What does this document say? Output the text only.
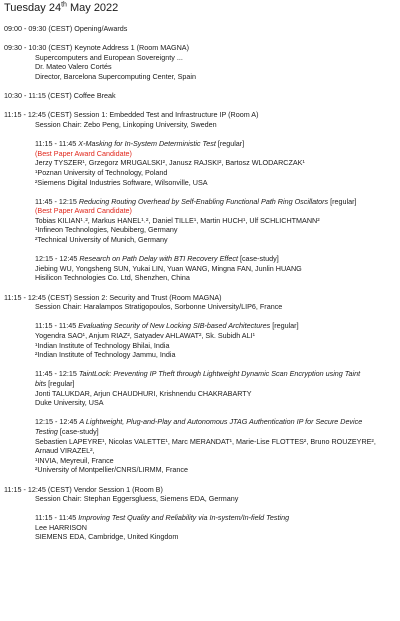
Tuesday 24th May 2022
09:00 - 09:30 (CEST) Opening/Awards
09:30 - 10:30 (CEST) Keynote Address 1 (Room MAGNA)
Supercomputers and European Sovereignty ...
Dr. Mateo Valero Cortés
Director, Barcelona Supercomputing Center, Spain
10:30 - 11:15 (CEST) Coffee Break
11:15 - 12:45 (CEST) Session 1: Embedded Test and Infrastructure IP (Room A)
Session Chair: Zebo Peng, Linkoping University, Sweden
11:15 - 11:45 X-Masking for In-System Deterministic Test [regular]
(Best Paper Award Candidate)
Jerzy TYSZER¹, Grzegorz MRUGALSKI², Janusz RAJSKI², Bartosz WLODARCZAK¹
¹Poznan University of Technology, Poland
²Siemens Digital Industries Software, Wilsonville, USA
11:45 - 12:15 Reducing Routing Overhead by Self-Enabling Functional Path Ring Oscillators [regular]
(Best Paper Award Candidate)
Tobias KILIAN¹˒², Markus HANEL¹˒², Daniel TILLE¹, Martin HUCH¹, Ulf SCHLICHTMANN²
¹Infineon Technologies, Neubiberg, Germany
²Technical University of Munich, Germany
12:15 - 12:45 Research on Path Delay with BTI Recovery Effect [case-study]
Jiebing WU, Yongsheng SUN, Yukai LIN, Yuan WANG, Mingna FAN, Junlin HUANG
Hisilicon Technologies Co. Ltd, Shenzhen, China
11:15 - 12:45 (CEST) Session 2: Security and Trust (Room MAGNA)
Session Chair: Haralampos Stratigopoulos, Sorbonne University/LIP6, France
11:15 - 11:45 Evaluating Security of New Locking SIB-based Architectures [regular]
Yogendra SAO¹, Anjum RIAZ², Satyadev AHLAWAT², Sk. Subidh ALI¹
¹Indian Institute of Technology Bhilai, India
²Indian Institute of Technology Jammu, India
11:45 - 12:15 TaintLock: Preventing IP Theft through Lightweight Dynamic Scan Encryption using Taint
bits [regular]
Jonti TALUKDAR, Arjun CHAUDHURI, Krishnendu CHAKRABARTY
Duke University, USA
12:15 - 12:45 A Lightweight, Plug-and-Play and Autonomous JTAG Authentication IP for Secure Device
Testing [case-study]
Sebastien LAPEYRE¹, Nicolas VALETTE¹, Marc MERANDAT¹, Marie-Lise FLOTTES², Bruno ROUZEYRE²,
Arnaud VIRAZEL²,
¹INVIA, Meyreuil, France
²University of Montpellier/CNRS/LIRMM, France
11:15 - 12:45 (CEST) Vendor Session 1 (Room B)
Session Chair: Stephan Eggersgluess, Siemens EDA, Germany
11:15 - 11:45 Improving Test Quality and Reliability via In-system/In-field Testing
Lee HARRISON
SIEMENS EDA, Cambridge, United Kingdom
